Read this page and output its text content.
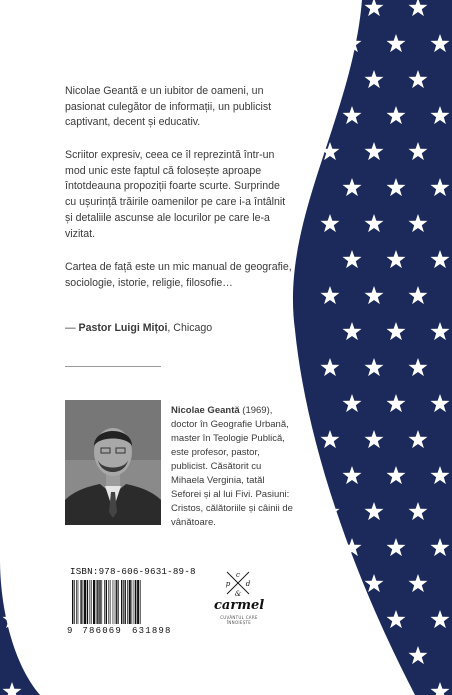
Nicolae Geantă e un iubitor de oameni, un pasionat culegător de informații, un publicist captivant, decent și educativ.
Scriitor expresiv, ceea ce îl reprezintă într-un mod unic este faptul că folosește aproape întotdeauna propoziții foarte scurte. Surprinde cu ușurință trăirile oamenilor pe care i-a întâlnit și detaliile ascunse ale locurilor pe care le-a vizitat.
Cartea de față este un mic manual de geografie, sociologie, istorie, religie, filosofie…
— Pastor Luigi Mițoi, Chicago
Nicolae Geantă (1969), doctor în Geografie Urbană, master în Teologie Publică, este profesor, pastor, publicist. Căsătorit cu Mihaela Verginia, tatăl Seforei și al lui Fivi. Pasiuni: Cristos, călătoriile și câinii de vânătoare.
ISBN:978-606-9631-89-8
9 786069 631898
c
p d
&
carmel
CUVÂNTUL CARE ÎNNOIEȘTE
